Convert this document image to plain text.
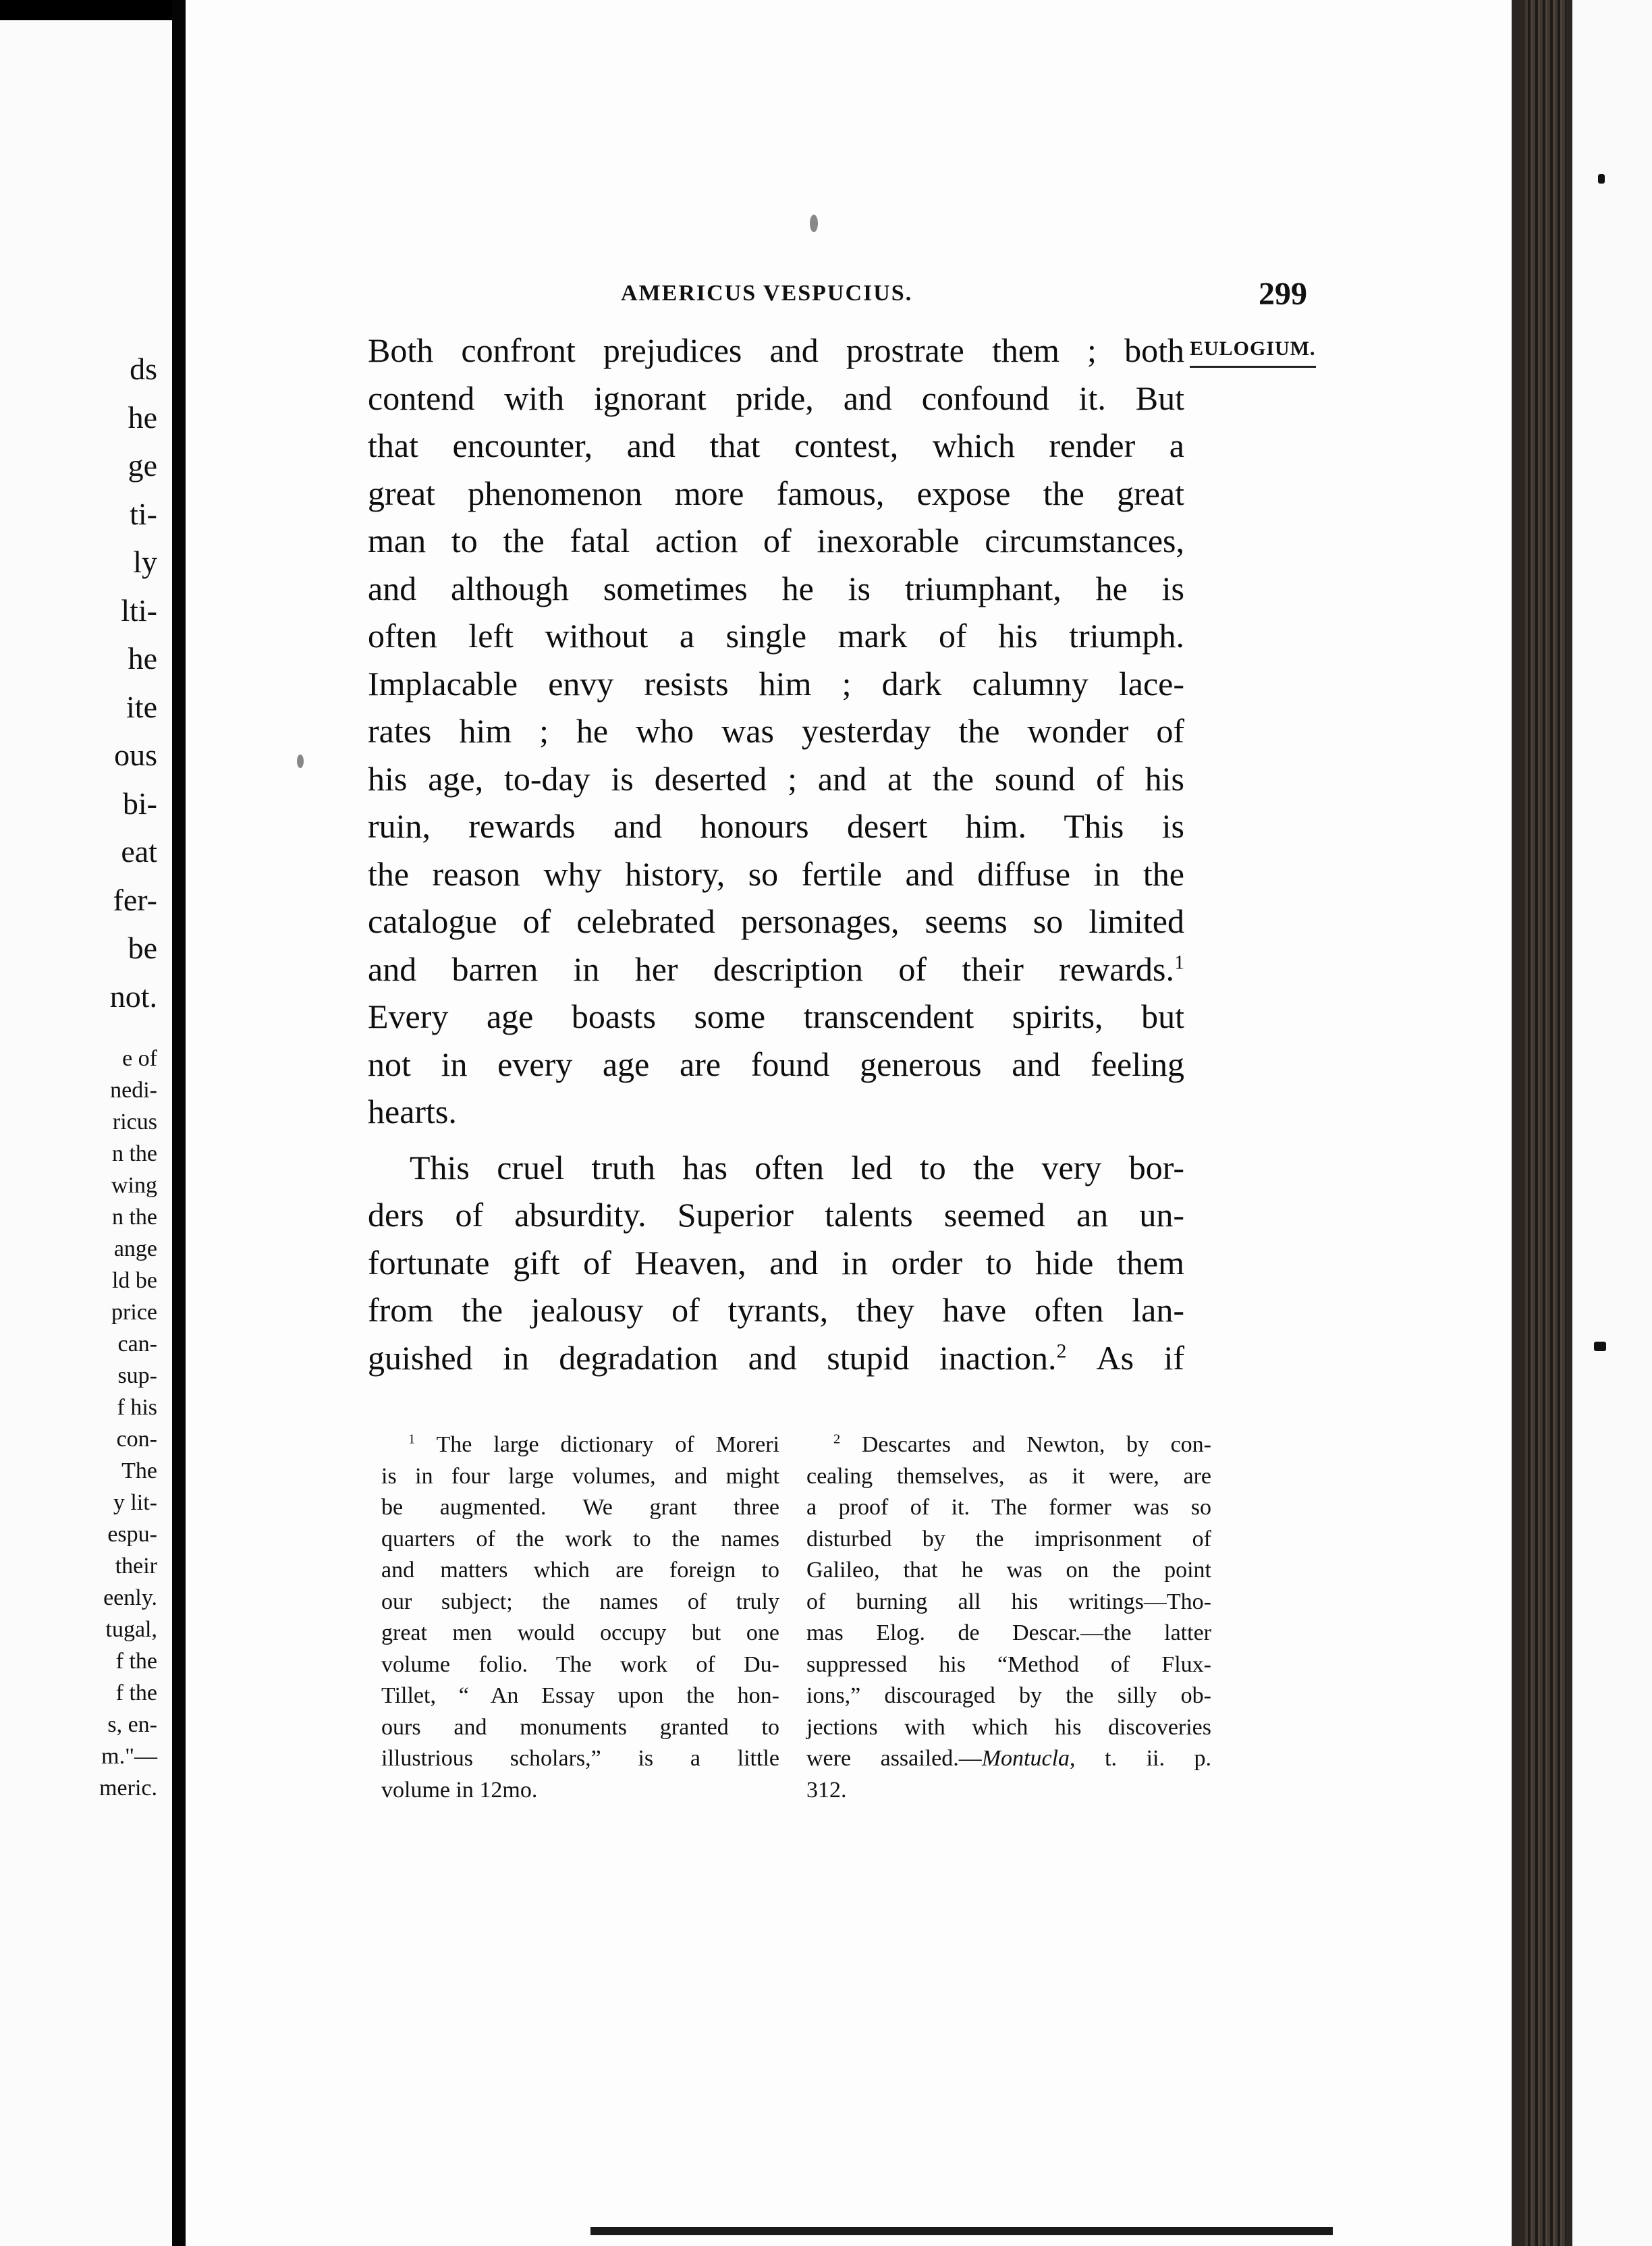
ds

he

ge

ti-

ly

lti-

he

ite

ous

bi-

eat

fer-

be

not.

e of

nedi-

ricus

n the

wing

n the

ange

ld be

price

can-

sup-

f his

con-

The

y lit-

espu-

their

eenly.

tugal,

f the

f the

s, en-

m."—

meric.

AMERICUS VESPUCIUS.	299

EULOGIUM.

Both confront prejudices and prostrate them ; both
contend with ignorant pride, and confound it. But
that encounter, and that contest, which render a
great phenomenon more famous, expose the great
man to the fatal action of inexorable circumstances,
and although sometimes he is triumphant, he is
often left without a single mark of his triumph.
Implacable envy resists him ; dark calumny lace-
rates him ; he who was yesterday the wonder of
his age, to-day is deserted ; and at the sound of his
ruin, rewards and honours desert him. This is
the reason why history, so fertile and diffuse in the
catalogue of celebrated personages, seems so limited
and barren in her description of their rewards.$^1$
Every age boasts some transcendent spirits, but
not in every age are found generous and feeling
hearts.
This cruel truth has often led to the very bor-
ders of absurdity. Superior talents seemed an un-
fortunate gift of Heaven, and in order to hide them
from the jealousy of tyrants, they have often lan-
guished in degradation and stupid inaction.$^2$ As if
$^1$ The large dictionary of Moreri
is in four large volumes, and might
be augmented. We grant three
quarters of the work to the names
and matters which are foreign to
our subject; the names of truly
great men would occupy but one
volume folio. The work of Du-
Tillet, “ An Essay upon the hon-
ours and monuments granted to
illustrious scholars,” is a little
volume in 12mo.
$^2$ Descartes and Newton, by con-
cealing themselves, as it were, are
a proof of it. The former was so
disturbed by the imprisonment of
Galileo, that he was on the point
of burning all his writings—Tho-
mas Elog. de Descar.—the latter
suppressed his “Method of Flux-
ions,” discouraged by the silly ob-
jections with which his discoveries
were assailed.—Montucla, t. ii. p.
312.
